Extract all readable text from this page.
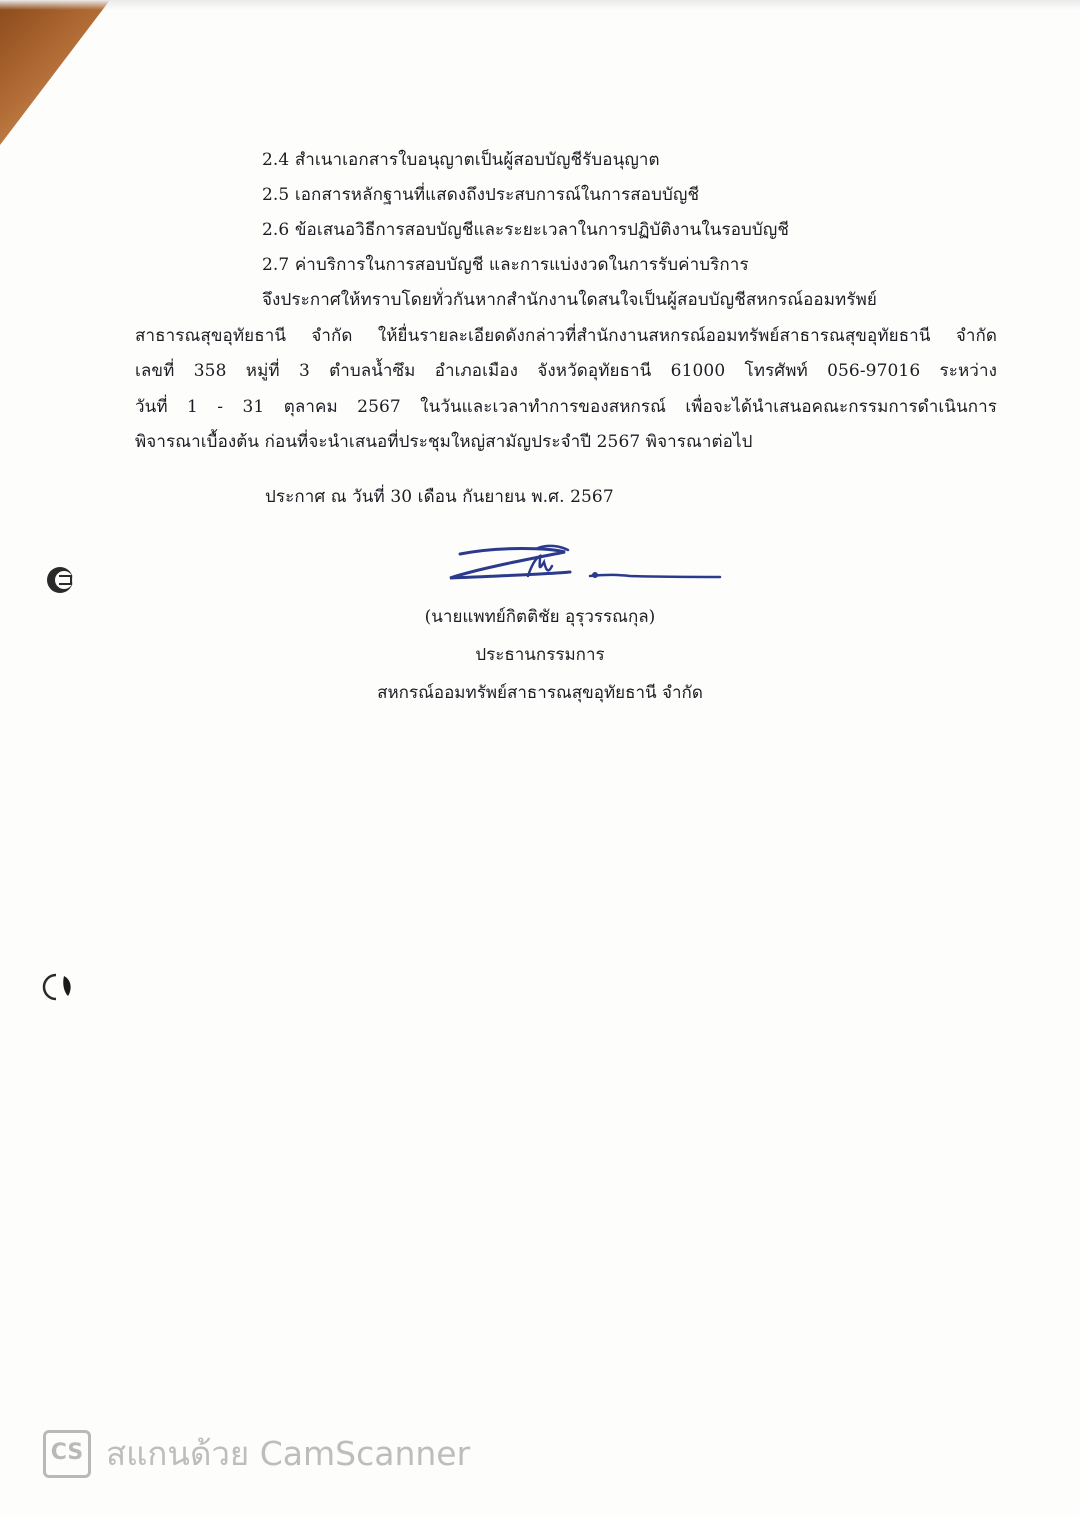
2.4 สำเนาเอกสารใบอนุญาตเป็นผู้สอบบัญชีรับอนุญาต
2.5 เอกสารหลักฐานที่แสดงถึงประสบการณ์ในการสอบบัญชี
2.6 ข้อเสนอวิธีการสอบบัญชีและระยะเวลาในการปฏิบัติงานในรอบบัญชี
2.7 ค่าบริการในการสอบบัญชี และการแบ่งงวดในการรับค่าบริการ
จึงประกาศให้ทราบโดยทั่วกันหากสำนักงานใดสนใจเป็นผู้สอบบัญชีสหกรณ์ออมทรัพย์
สาธารณสุขอุทัยธานี จำกัด ให้ยื่นรายละเอียดดังกล่าวที่สำนักงานสหกรณ์ออมทรัพย์สาธารณสุขอุทัยธานี จำกัด
เลขที่ 358 หมู่ที่ 3 ตำบลน้ำซึม อำเภอเมือง จังหวัดอุทัยธานี 61000 โทรศัพท์ 056-97016 ระหว่าง
วันที่ 1 - 31 ตุลาคม 2567 ในวันและเวลาทำการของสหกรณ์ เพื่อจะได้นำเสนอคณะกรรมการดำเนินการ
พิจารณาเบื้องต้น ก่อนที่จะนำเสนอที่ประชุมใหญ่สามัญประจำปี 2567 พิจารณาต่อไป
ประกาศ ณ วันที่ 30 เดือน กันยายน พ.ศ. 2567
(นายแพทย์กิตติชัย อุรุวรรณกุล)
ประธานกรรมการ
สหกรณ์ออมทรัพย์สาธารณสุขอุทัยธานี จำกัด
CS สแกนด้วย CamScanner
